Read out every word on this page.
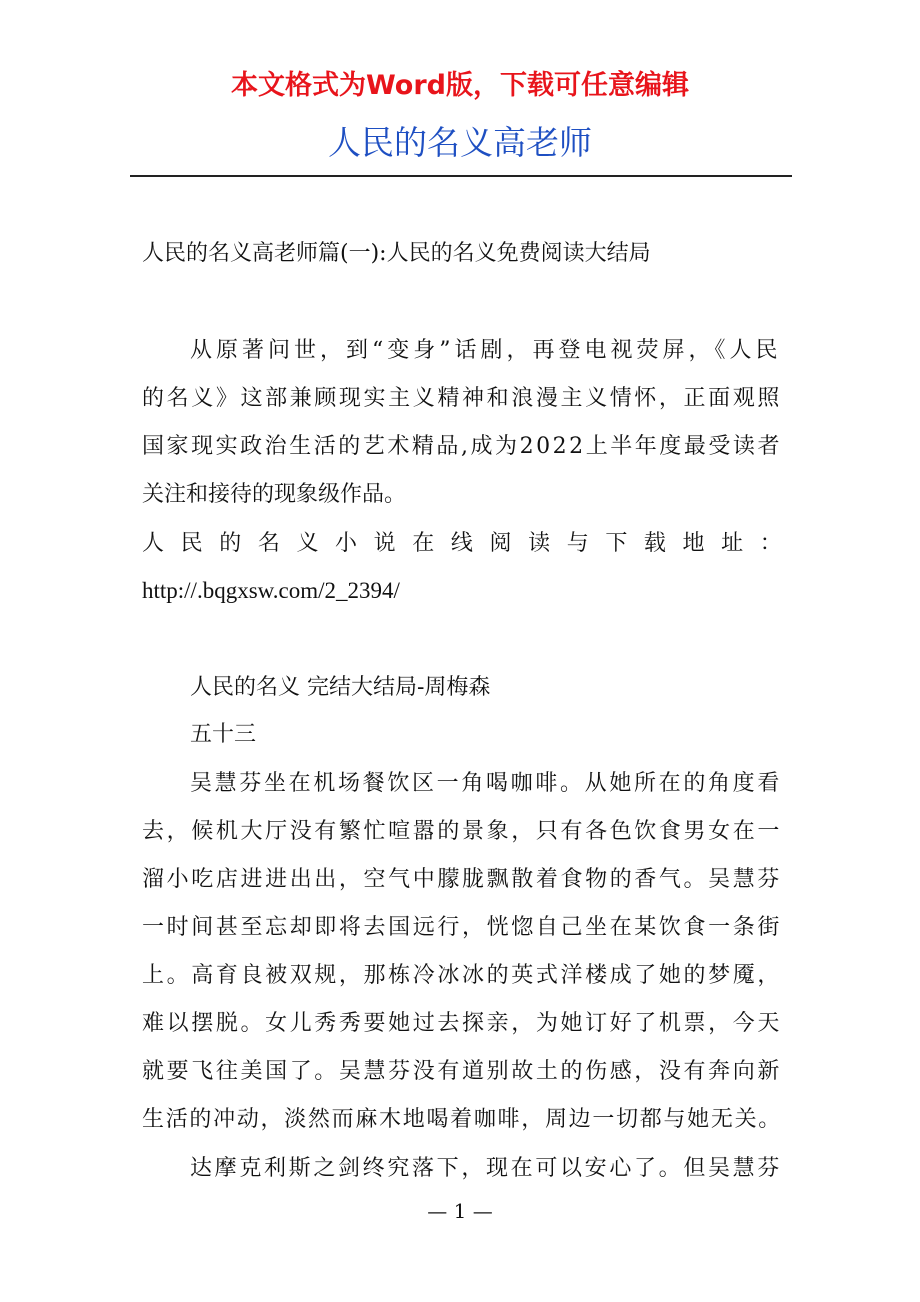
本文格式为Word版，下载可任意编辑
人民的名义高老师
人民的名义高老师篇(一):人民的名义免费阅读大结局
从原著问世，到“变身”话剧，再登电视荧屏，《人民
的名义》这部兼顾现实主义精神和浪漫主义情怀，正面观照
国家现实政治生活的艺术精品,成为2022上半年度最受读者
关注和接待的现象级作品。
人 民 的 名 义 小 说 在 线 阅 读 与 下 载 地 址 ：
http://.bqgxsw.com/2_2394/
人民的名义 完结大结局-周梅森
五十三
吴慧芬坐在机场餐饮区一角喝咖啡。从她所在的角度看
去，候机大厅没有繁忙喧嚣的景象，只有各色饮食男女在一
溜小吃店进进出出，空气中朦胧飘散着食物的香气。吴慧芬
一时间甚至忘却即将去国远行，恍惚自己坐在某饮食一条街
上。高育良被双规，那栋冷冰冰的英式洋楼成了她的梦魇，
难以摆脱。女儿秀秀要她过去探亲，为她订好了机票，今天
就要飞往美国了。吴慧芬没有道别故土的伤感，没有奔向新
生活的冲动，淡然而麻木地喝着咖啡，周边一切都与她无关。
达摩克利斯之剑终究落下，现在可以安心了。但吴慧芬
— 1 —
